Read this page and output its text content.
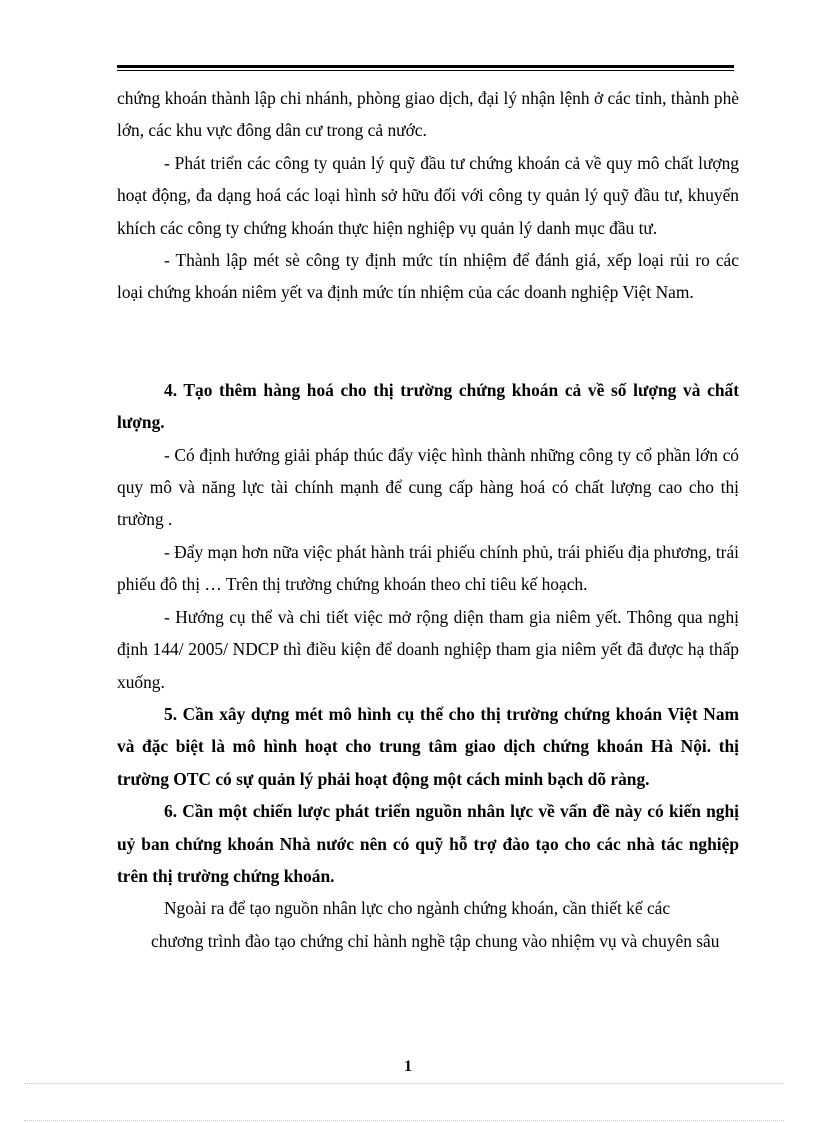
chứng khoán thành lập chi nhánh, phòng giao dịch, đại lý nhận lệnh ở các tỉnh, thành phè lớn, các khu vực đông dân cư trong cả nước.

- Phát triển các công ty quản lý quỹ đầu tư chứng khoán cả về quy mô chất lượng hoạt động, đa dạng hoá các loại hình sở hữu đối với công ty quản lý quỹ đầu tư, khuyến khích các công ty chứng khoán thực hiện nghiệp vụ quản lý danh mục đầu tư.

- Thành lập mét sè công ty định mức tín nhiệm để đánh giá, xếp loại rủi ro các loại chứng khoán niêm yết va định mức tín nhiệm của các doanh nghiệp Việt Nam.

4. Tạo thêm hàng hoá cho thị trường chứng khoán cả về số lượng và chất lượng.

- Có định hướng giải pháp thúc đẩy việc hình thành những công ty cổ phần lớn có quy mô và năng lực tài chính mạnh để cung cấp hàng hoá có chất lượng cao cho thị trường .

- Đẩy mạn hơn nữa việc phát hành trái phiếu chính phủ, trái phiếu địa phương, trái phiếu đô thị … Trên thị trường chứng khoán theo chỉ tiêu kế hoạch.

- Hướng cụ thể và chi tiết việc mở rộng diện tham gia niêm yết. Thông qua nghị định 144/ 2005/ NDCP thì điều kiện để doanh nghiệp tham gia niêm yết đã được hạ thấp xuống.

5. Cần xây dựng mét mô hình cụ thể cho thị trường chứng khoán Việt Nam và đặc biệt là mô hình hoạt cho trung tâm giao dịch chứng khoán Hà Nội. thị trường OTC có sự quản lý phải hoạt động một cách minh bạch dõ ràng.

6. Cần một chiến lược phát triển nguồn nhân lực về vấn đề này có kiến nghị uỷ ban chứng khoán Nhà nước nên có quỹ hỗ trợ đào tạo cho các nhà tác nghiệp trên thị trường chứng khoán.

Ngoài ra để tạo nguồn nhân lực cho ngành chứng khoán, cần thiết kế các
chương trình đào tạo chứng chỉ hành nghề tập chung vào nhiệm vụ và chuyên sâu

1
